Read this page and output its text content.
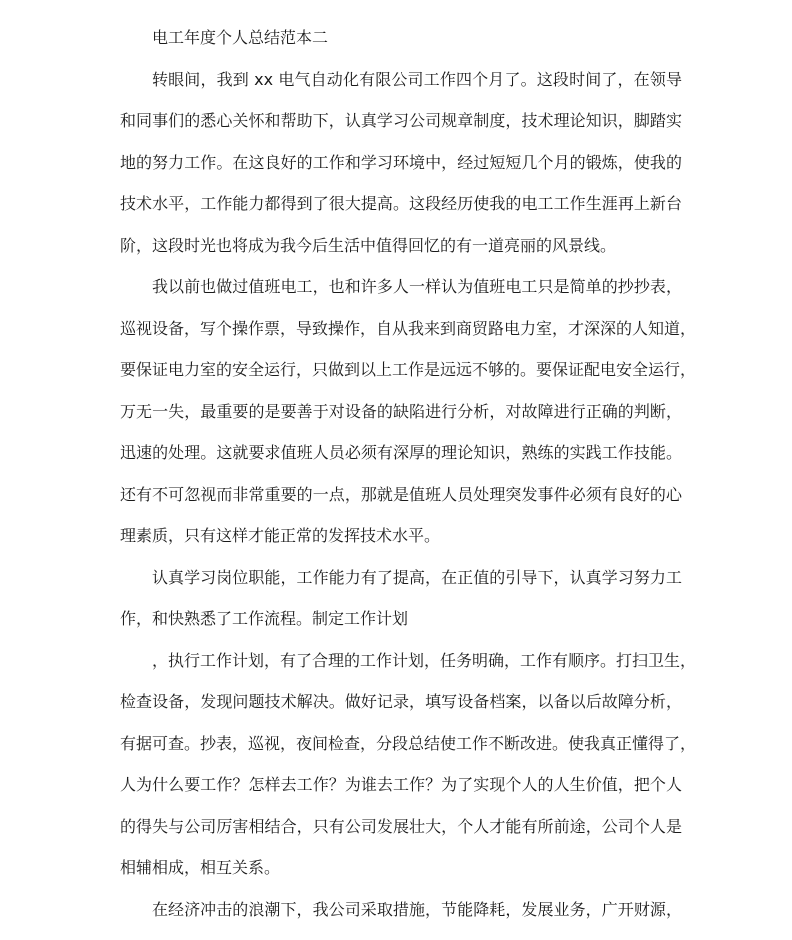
电工年度个人总结范本二
转眼间，我到 xx 电气自动化有限公司工作四个月了。这段时间了，在领导
和同事们的悉心关怀和帮助下，认真学习公司规章制度，技术理论知识，脚踏实
地的努力工作。在这良好的工作和学习环境中，经过短短几个月的锻炼，使我的
技术水平，工作能力都得到了很大提高。这段经历使我的电工工作生涯再上新台
阶，这段时光也将成为我今后生活中值得回忆的有一道亮丽的风景线。
我以前也做过值班电工，也和许多人一样认为值班电工只是简单的抄抄表，
巡视设备，写个操作票，导致操作，自从我来到商贸路电力室，才深深的人知道，
要保证电力室的安全运行，只做到以上工作是远远不够的。要保证配电安全运行，
万无一失，最重要的是要善于对设备的缺陷进行分析，对故障进行正确的判断，
迅速的处理。这就要求值班人员必须有深厚的理论知识，熟练的实践工作技能。
还有不可忽视而非常重要的一点，那就是值班人员处理突发事件必须有良好的心
理素质，只有这样才能正常的发挥技术水平。
认真学习岗位职能，工作能力有了提高，在正值的引导下，认真学习努力工
作，和快熟悉了工作流程。制定工作计划
，执行工作计划，有了合理的工作计划，任务明确，工作有顺序。打扫卫生，
检查设备，发现问题技术解决。做好记录，填写设备档案，以备以后故障分析，
有据可查。抄表，巡视，夜间检查，分段总结使工作不断改进。使我真正懂得了，
人为什么要工作？怎样去工作？为谁去工作？为了实现个人的人生价值，把个人
的得失与公司厉害相结合，只有公司发展壮大，个人才能有所前途，公司个人是
相辅相成，相互关系。
在经济冲击的浪潮下，我公司采取措施，节能降耗，发展业务，广开财源，
